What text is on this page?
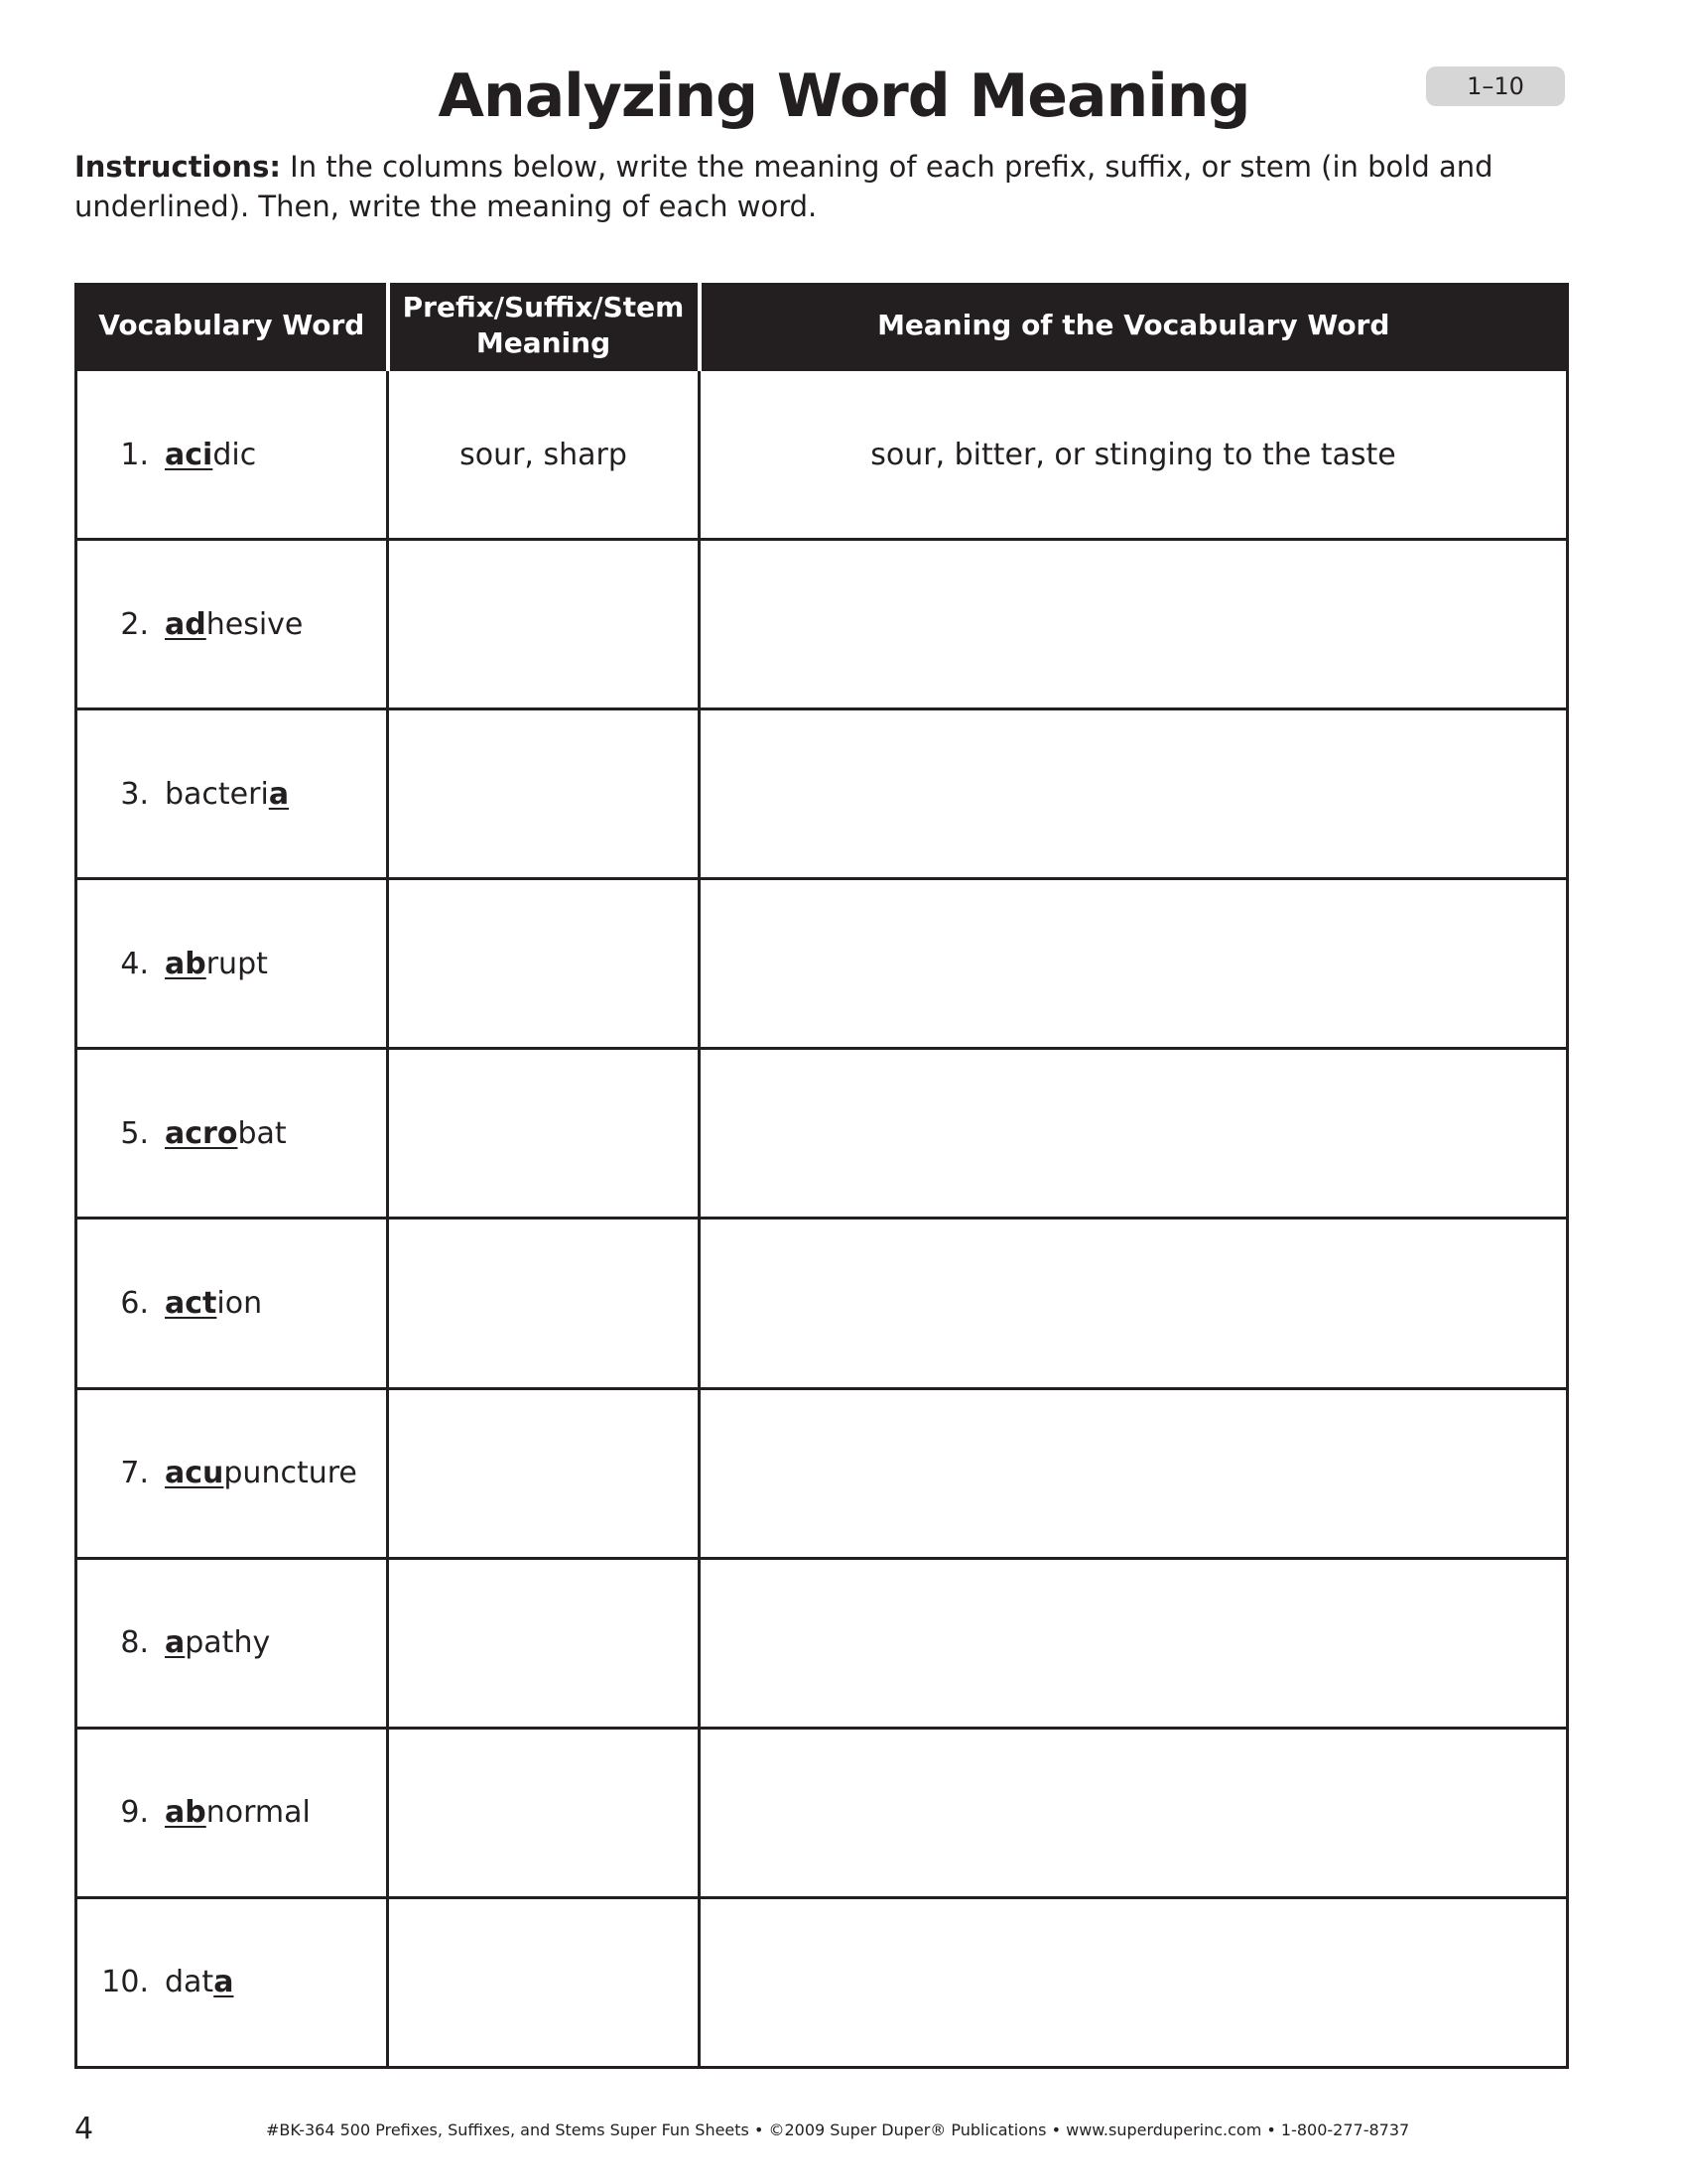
Analyzing Word Meaning	1–10
Instructions: In the columns below, write the meaning of each prefix, suffix, or stem (in bold and underlined). Then, write the meaning of each word.
Vocabulary Word	Prefix/Suffix/Stem Meaning	Meaning of the Vocabulary Word
1. acidic	sour, sharp	sour, bitter, or stinging to the taste
2. adhesive		
3. bacteria		
4. abrupt		
5. acrobat		
6. action		
7. acupuncture		
8. apathy		
9. abnormal		
10. data		
4	#BK-364 500 Prefixes, Suffixes, and Stems Super Fun Sheets • ©2009 Super Duper® Publications • www.superduperinc.com • 1-800-277-8737
